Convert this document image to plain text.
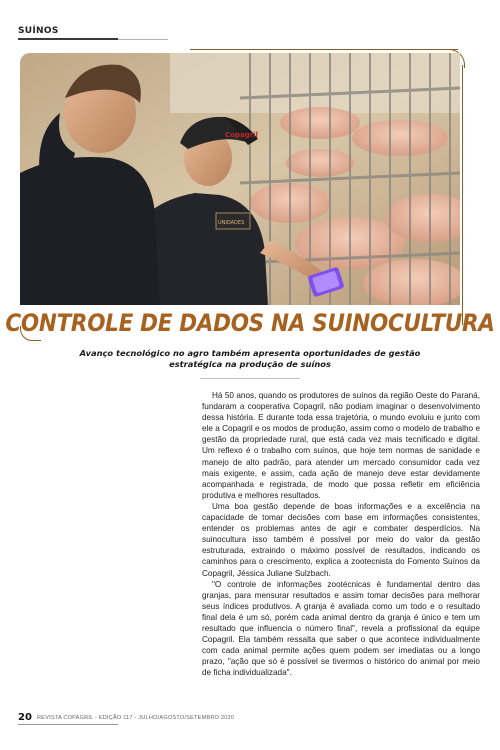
SUÍNOS
Copagril
UNIDADES
CONTROLE DE DADOS NA SUINOCULTURA
Avanço tecnológico no agro também apresenta oportunidades de gestão estratégica na produção de suínos

Há 50 anos, quando os produtores de suínos da região Oeste do Paraná, fundaram a cooperativa Copagril, não podiam imaginar o desenvolvimento dessa história. E durante toda essa trajetória, o mundo evoluiu e junto com ele a Copagril e os modos de produção, assim como o modelo de trabalho e gestão da propriedade rural, que está cada vez mais tecnificado e digital. Um reflexo é o trabalho com suínos, que hoje tem normas de sanidade e manejo de alto padrão, para atender um mercado consumidor cada vez mais exigente, e assim, cada ação de manejo deve estar devidamente acompanhada e registrada, de modo que possa refletir em eficiência produtiva e melhores resultados.

Uma boa gestão depende de boas informações e a excelência na capacidade de tomar decisões com base em informações consistentes, entender os problemas antes de agir e combater desperdícios. Na suinocultura isso também é possível por meio do valor da gestão estruturada, extraindo o máximo possível de resultados, indicando os caminhos para o crescimento, explica a zootecnista do Fomento Suínos da Copagril, Jéssica Juliane Sulzbach.

"O controle de informações zootécnicas é fundamental dentro das granjas, para mensurar resultados e assim tomar decisões para melhorar seus índices produtivos. A granja é avaliada como um todo e o resultado final dela é um só, porém cada animal dentro da granja é único e tem um resultado que influencia o número final", revela a profissional da equipe Copagril. Ela também ressalta que saber o que acontece individualmente com cada animal permite ações quem podem ser imediatas ou a longo prazo, "ação que só é possível se tivermos o histórico do animal por meio de ficha individualizada".

20 REVISTA COPAGRIL - EDIÇÃO 117 - JULHO/AGOSTO/SETEMBRO 2020
